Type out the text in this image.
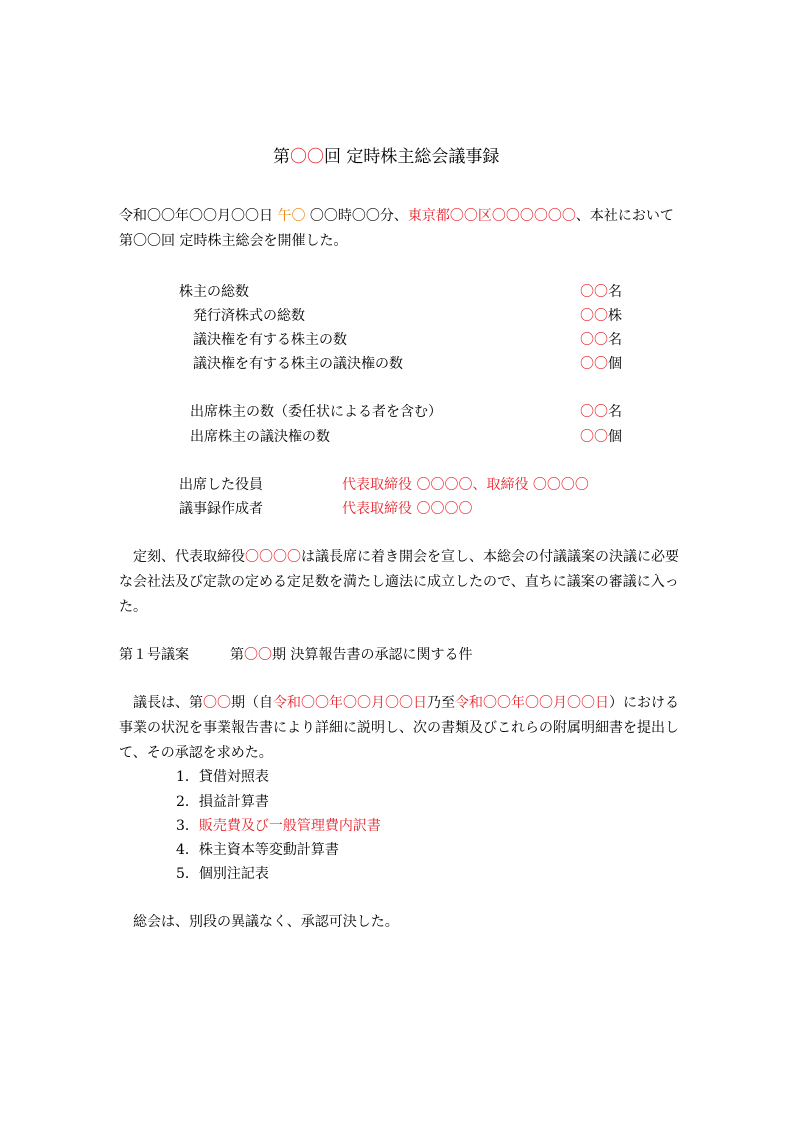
第〇〇回 定時株主総会議事録
令和〇〇年〇〇月〇〇日 午〇 〇〇時〇〇分、東京都〇〇区〇〇〇〇〇〇、本社において
第〇〇回 定時株主総会を開催した。
株主の総数	〇〇名
発行済株式の総数	〇〇株
議決権を有する株主の数	〇〇名
議決権を有する株主の議決権の数	〇〇個
出席株主の数（委任状による者を含む）	〇〇名
出席株主の議決権の数	〇〇個
出席した役員	代表取締役 〇〇〇〇、取締役 〇〇〇〇
議事録作成者	代表取締役 〇〇〇〇
定刻、代表取締役〇〇〇〇は議長席に着き開会を宣し、本総会の付議議案の決議に必要
な会社法及び定款の定める定足数を満たし適法に成立したので、直ちに議案の審議に入っ
た。
第１号議案	第〇〇期 決算報告書の承認に関する件
議長は、第〇〇期（自令和〇〇年〇〇月〇〇日乃至令和〇〇年〇〇月〇〇日）における
事業の状況を事業報告書により詳細に説明し、次の書類及びこれらの附属明細書を提出し
て、その承認を求めた。
1．貸借対照表
2．損益計算書
3．販売費及び一般管理費内訳書
4．株主資本等変動計算書
5．個別注記表
総会は、別段の異議なく、承認可決した。
